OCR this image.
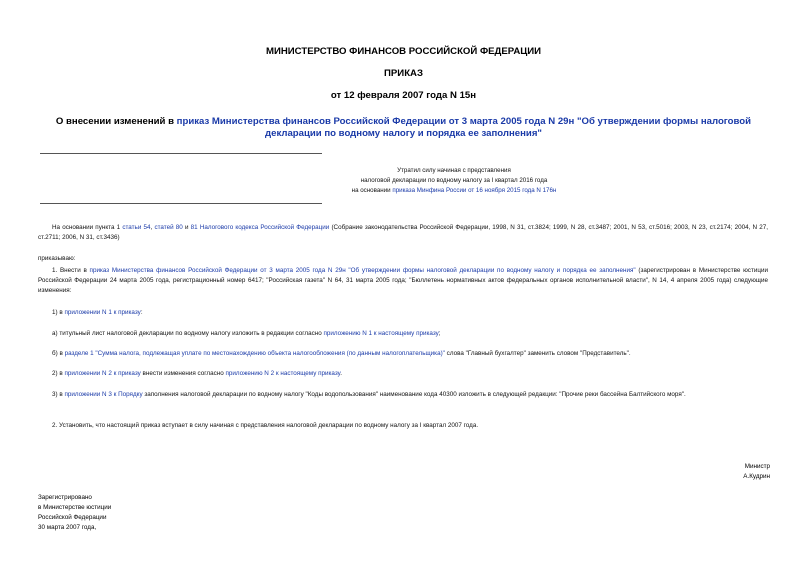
МИНИСТЕРСТВО ФИНАНСОВ РОССИЙСКОЙ ФЕДЕРАЦИИ
ПРИКАЗ
от 12 февраля 2007 года N 15н
О внесении изменений в приказ Министерства финансов Российской Федерации от 3 марта 2005 года N 29н "Об утверждении формы налоговой декларации по водному налогу и порядка ее заполнения"
Утратил силу начиная с представления
налоговой декларации по водному налогу за I квартал 2016 года
на основании приказа Минфина России от 16 ноября 2015 года N 176н
На основании пункта 1 статьи 54, статей 80 и 81 Налогового кодекса Российской Федерации (Собрание законодательства Российской Федерации, 1998, N 31, ст.3824; 1999, N 28, ст.3487; 2001, N 53, ст.5016; 2003, N 23, ст.2174; 2004, N 27, ст.2711; 2006, N 31, ст.3436)
приказываю:
1. Внести в приказ Министерства финансов Российской Федерации от 3 марта 2005 года N 29н "Об утверждении формы налоговой декларации по водному налогу и порядка ее заполнения" (зарегистрирован в Министерстве юстиции Российской Федерации 24 марта 2005 года, регистрационный номер 6417; "Российская газета" N 64, 31 марта 2005 года; "Бюллетень нормативных актов федеральных органов исполнительной власти", N 14, 4 апреля 2005 года) следующие изменения:
1) в приложении N 1 к приказу:
а) титульный лист налоговой декларации по водному налогу изложить в редакции согласно приложению N 1 к настоящему приказу;
б) в разделе 1 "Сумма налога, подлежащая уплате по местонахождению объекта налогообложения (по данным налогоплательщика)" слова "Главный бухгалтер" заменить словом "Представитель".
2) в приложении N 2 к приказу внести изменения согласно приложению N 2 к настоящему приказу.
3) в приложении N 3 к Порядку заполнения налоговой декларации по водному налогу "Коды водопользования" наименование кода 40300 изложить в следующей редакции: "Прочие реки бассейна Балтийского моря".
2. Установить, что настоящий приказ вступает в силу начиная с представления налоговой декларации по водному налогу за I квартал 2007 года.
Министр
А.Кудрин
Зарегистрировано
в Министерстве юстиции
Российской Федерации
30 марта 2007 года,
